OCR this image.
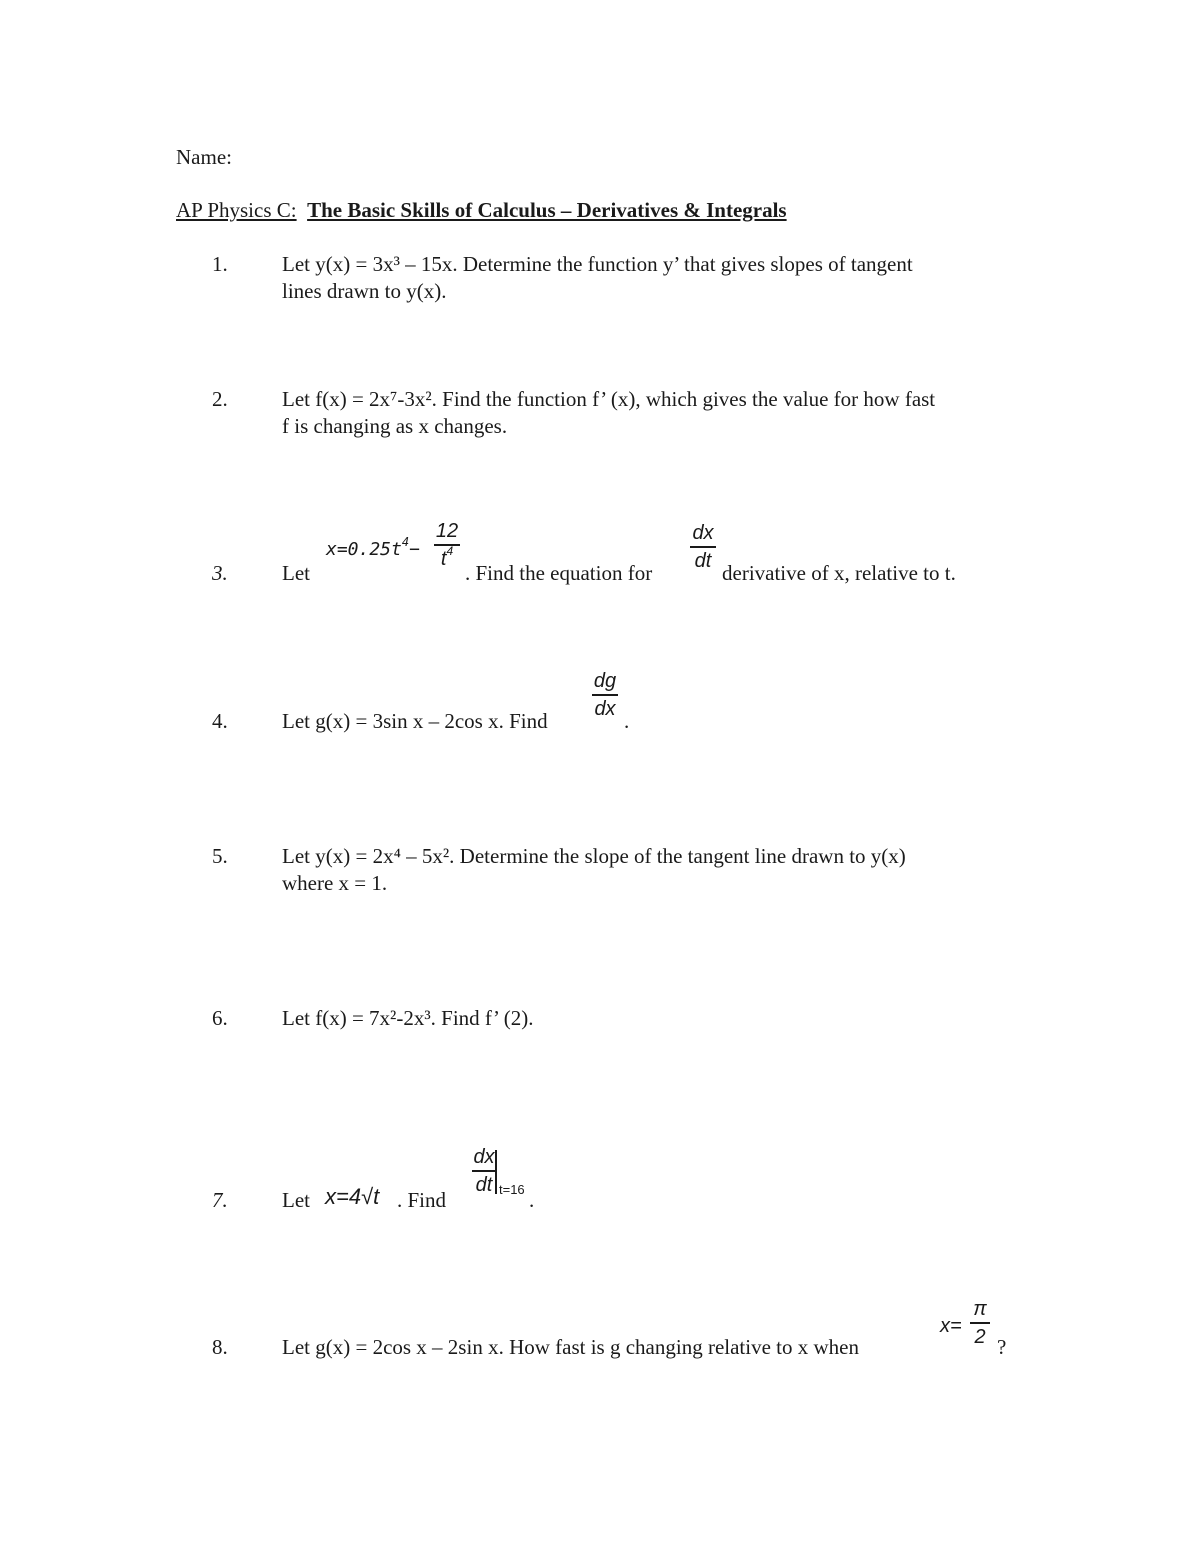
Name:
AP Physics C: The Basic Skills of Calculus – Derivatives & Integrals
1.	Let y(x) = 3x³ – 15x. Determine the function y’ that gives slopes of tangent
lines drawn to y(x).
2.	Let f(x) = 2x⁷-3x². Find the function f’ (x), which gives the value for how fast
f is changing as x changes.
3.	Let
$x=0.25t^4-$
12
$t^4$
. Find the equation for
dx
dt derivative of x, relative to t.
4.	Let g(x) = 3sin x – 2cos x. Find
dg
dx .
5.	Let y(x) = 2x⁴ – 5x². Determine the slope of the tangent line drawn to y(x)
where x = 1.
6.	Let f(x) = 7x²-2x³. Find f’ (2).
7.	Let x=4√t . Find
dx
dt t=16 .
8.	Let g(x) = 2cos x – 2sin x. How fast is g changing relative to x when
x=
π
2 ?
